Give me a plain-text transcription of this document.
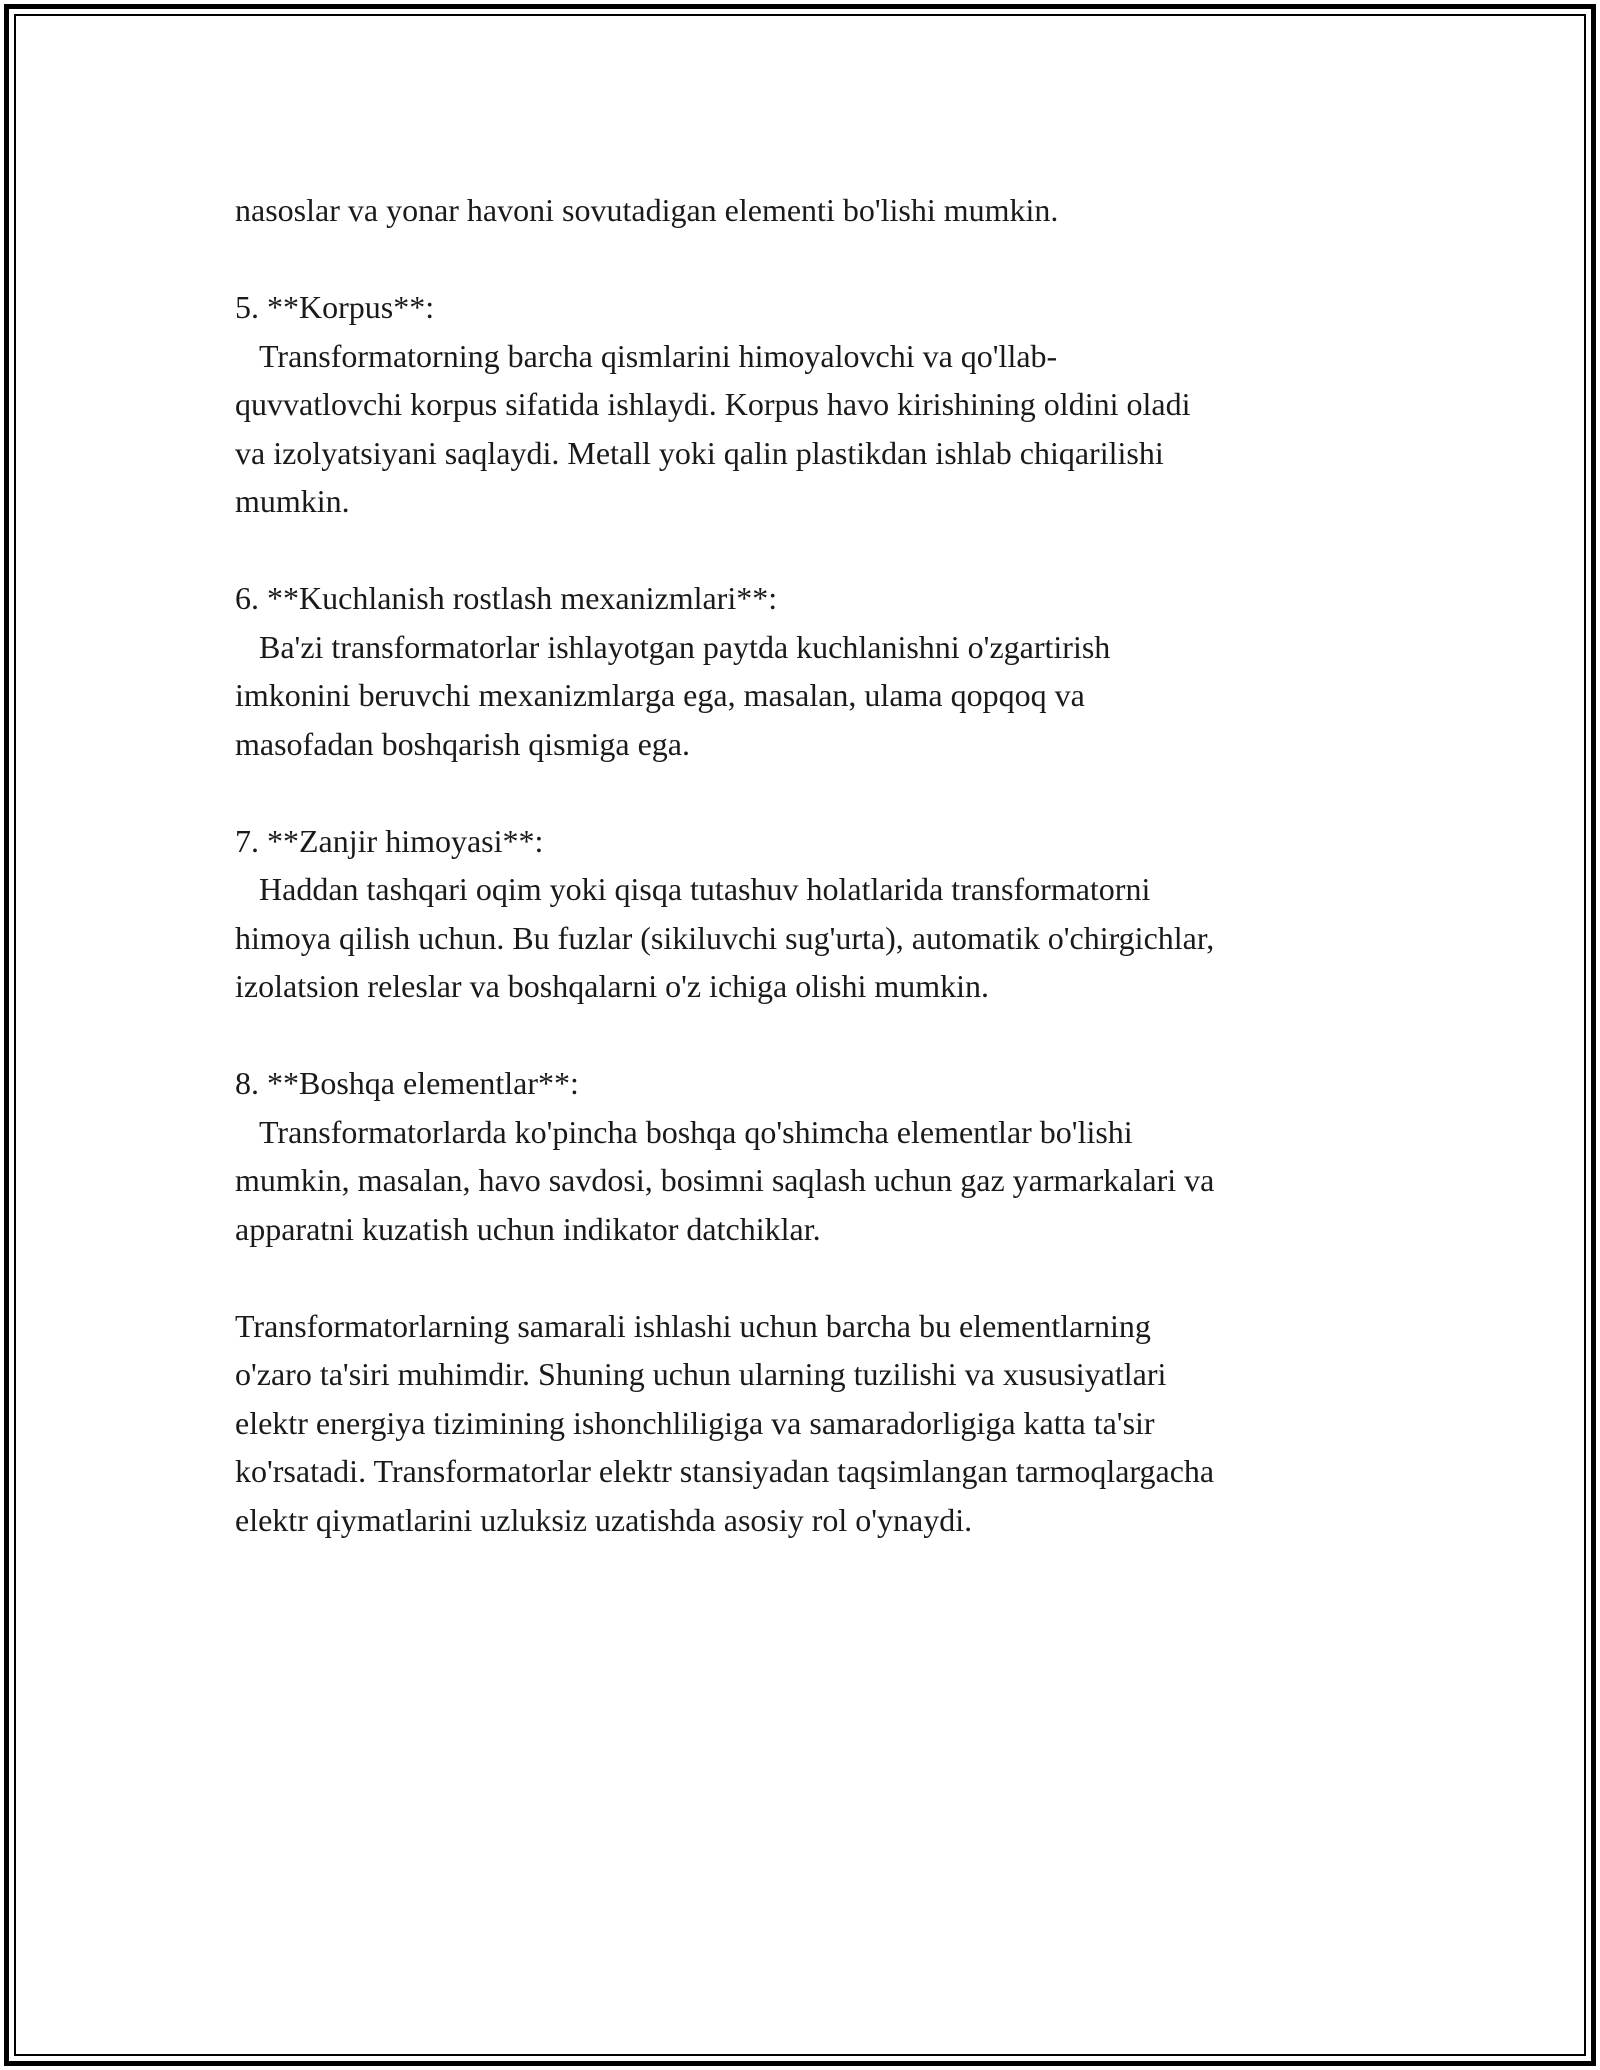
nasoslar va yonar havoni sovutadigan elementi bo'lishi mumkin.

5. **Korpus**:

Transformatorning barcha qismlarini himoyalovchi va qo'llab-
quvvatlovchi korpus sifatida ishlaydi. Korpus havo kirishining oldini oladi
va izolyatsiyani saqlaydi. Metall yoki qalin plastikdan ishlab chiqarilishi
mumkin.

6. **Kuchlanish rostlash mexanizmlari**:

Ba'zi transformatorlar ishlayotgan paytda kuchlanishni o'zgartirish
imkonini beruvchi mexanizmlarga ega, masalan, ulama qopqoq va
masofadan boshqarish qismiga ega.

7. **Zanjir himoyasi**:

Haddan tashqari oqim yoki qisqa tutashuv holatlarida transformatorni
himoya qilish uchun. Bu fuzlar (sikiluvchi sug'urta), automatik o'chirgichlar,
izolatsion releslar va boshqalarni o'z ichiga olishi mumkin.

8. **Boshqa elementlar**:

Transformatorlarda ko'pincha boshqa qo'shimcha elementlar bo'lishi
mumkin, masalan, havo savdosi, bosimni saqlash uchun gaz yarmarkalari va
apparatni kuzatish uchun indikator datchiklar.

Transformatorlarning samarali ishlashi uchun barcha bu elementlarning
o'zaro ta'siri muhimdir. Shuning uchun ularning tuzilishi va xususiyatlari
elektr energiya tizimining ishonchliligiga va samaradorligiga katta ta'sir
ko'rsatadi. Transformatorlar elektr stansiyadan taqsimlangan tarmoqlargacha
elektr qiymatlarini uzluksiz uzatishda asosiy rol o'ynaydi.
